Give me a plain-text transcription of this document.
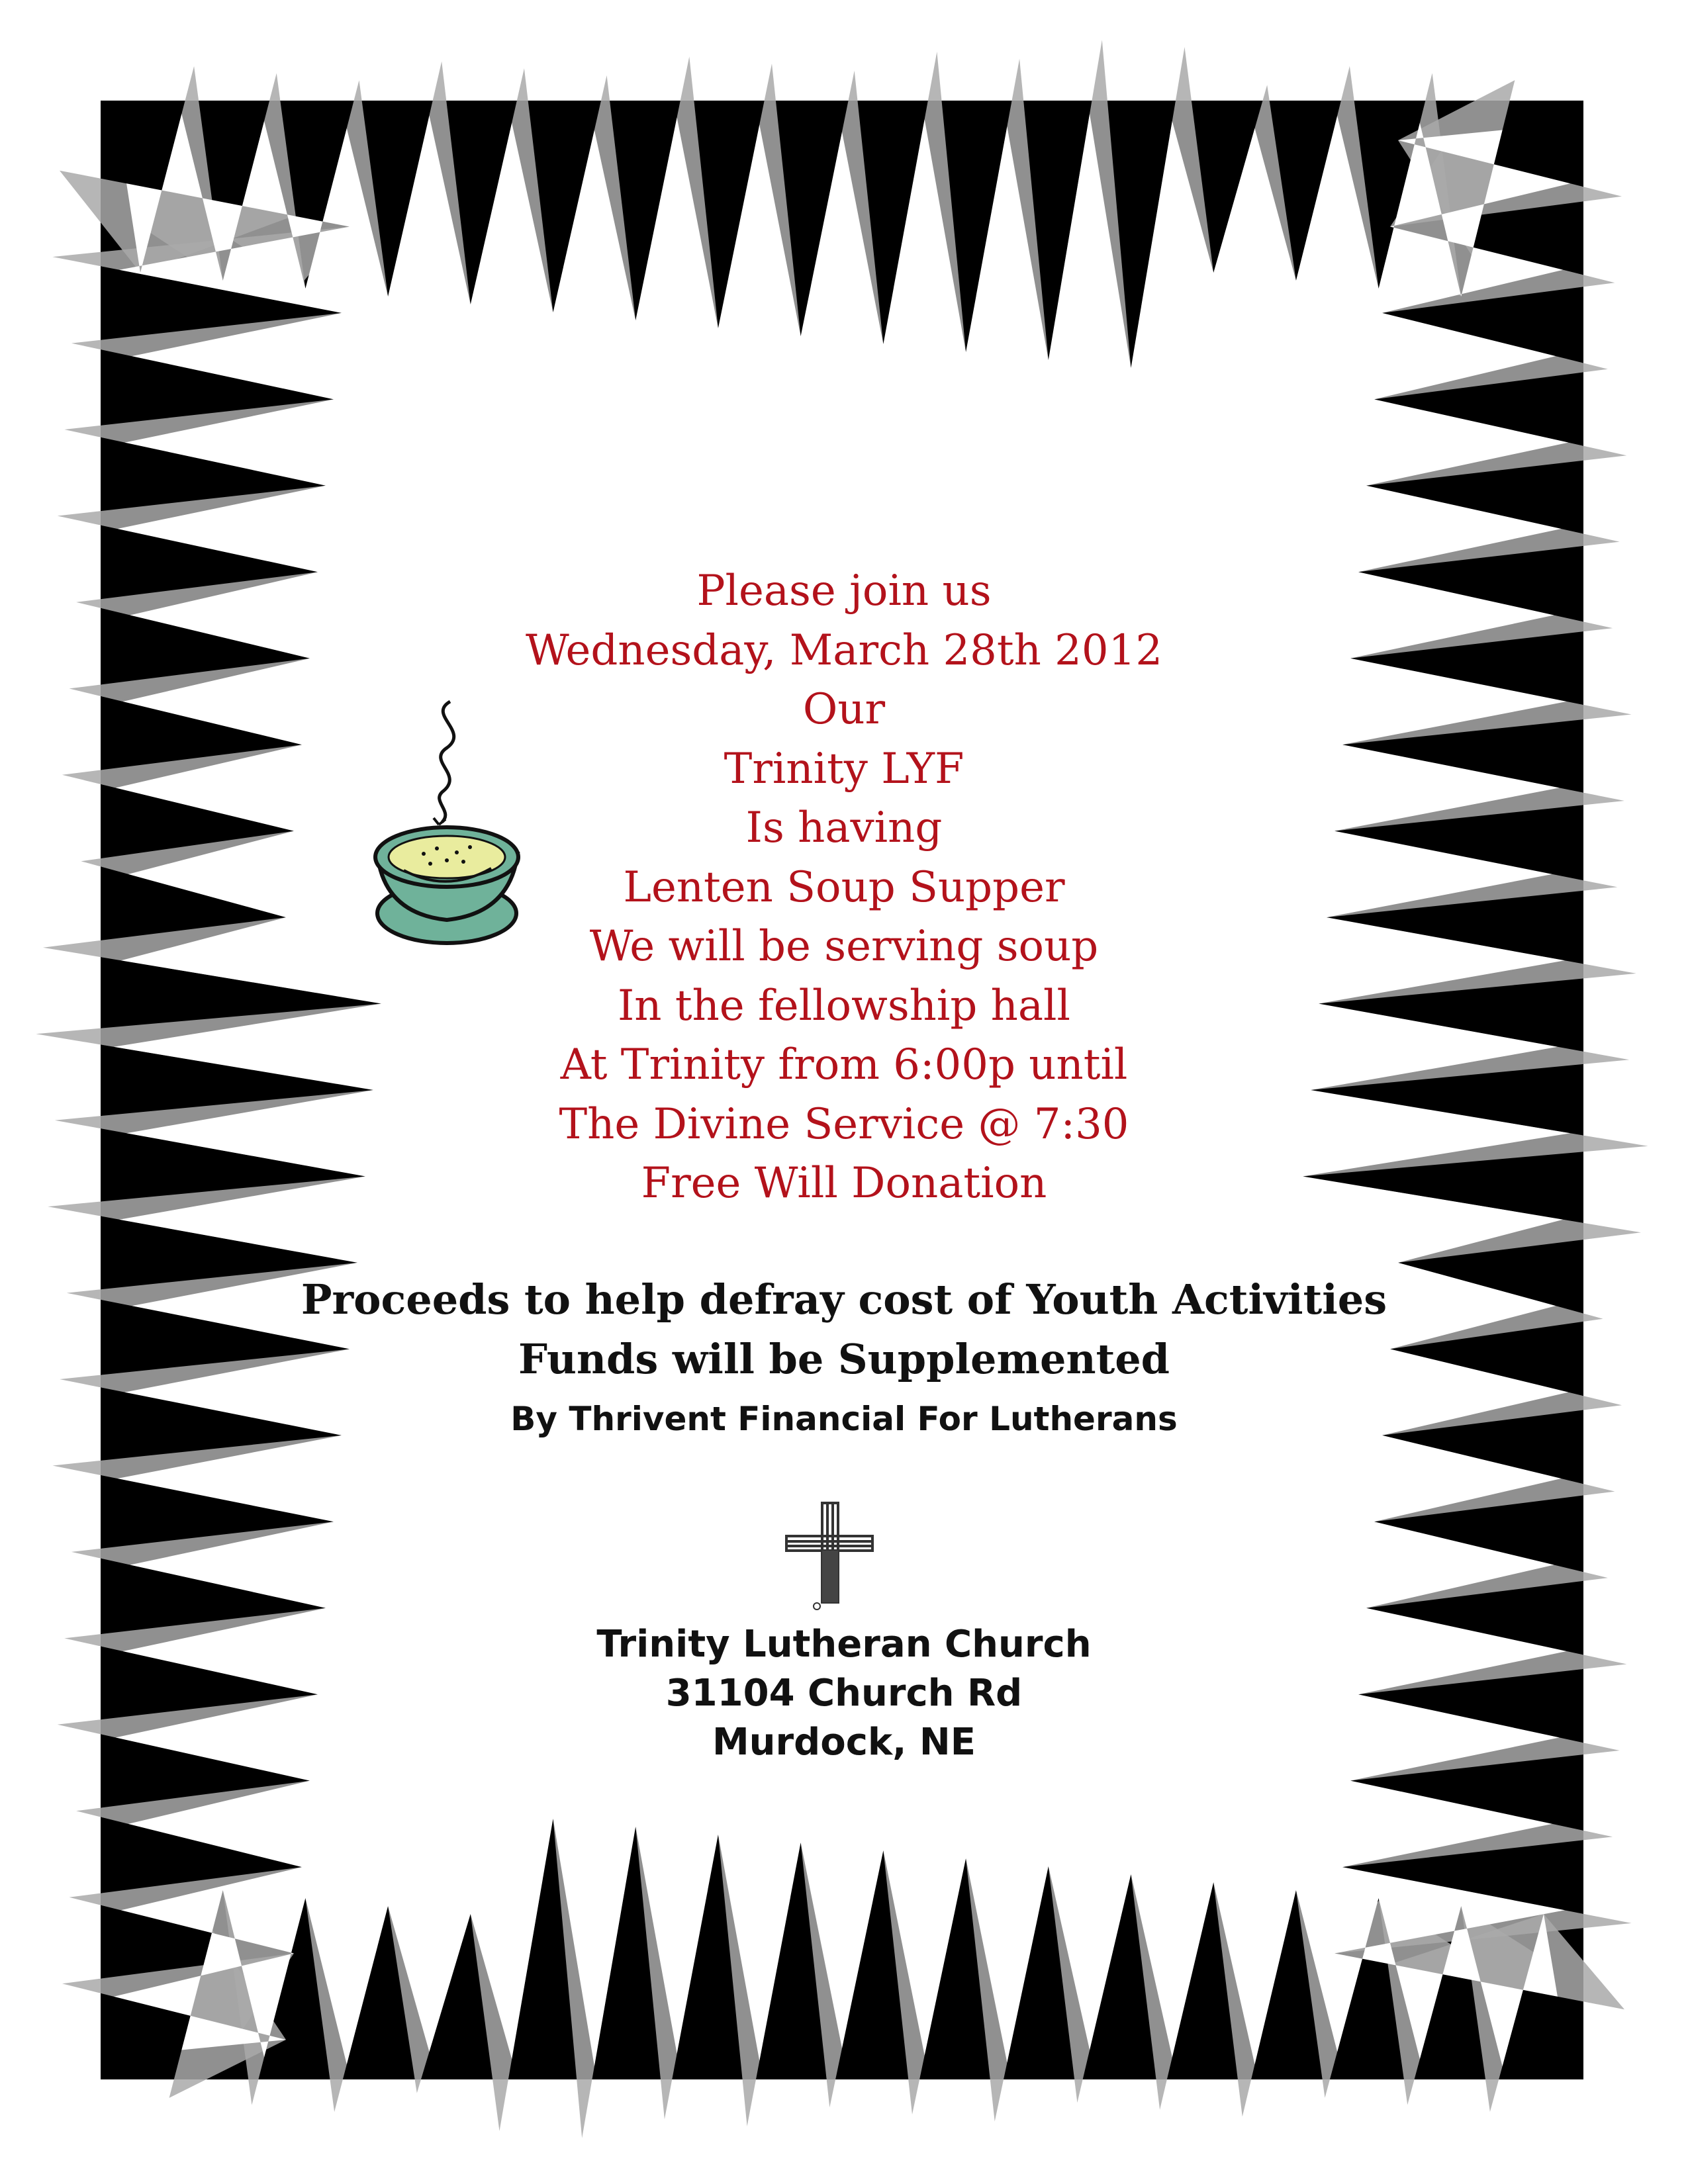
Please join us
Wednesday, March 28th 2012
Our
Trinity LYF
Is having
Lenten Soup Supper
We will be serving soup
In the fellowship hall
At Trinity from 6:00p until
The Divine Service @ 7:30
Free Will Donation
Proceeds to help defray cost of Youth Activities
Funds will be Supplemented
By Thrivent Financial For Lutherans
Trinity Lutheran Church
31104 Church Rd
Murdock, NE
